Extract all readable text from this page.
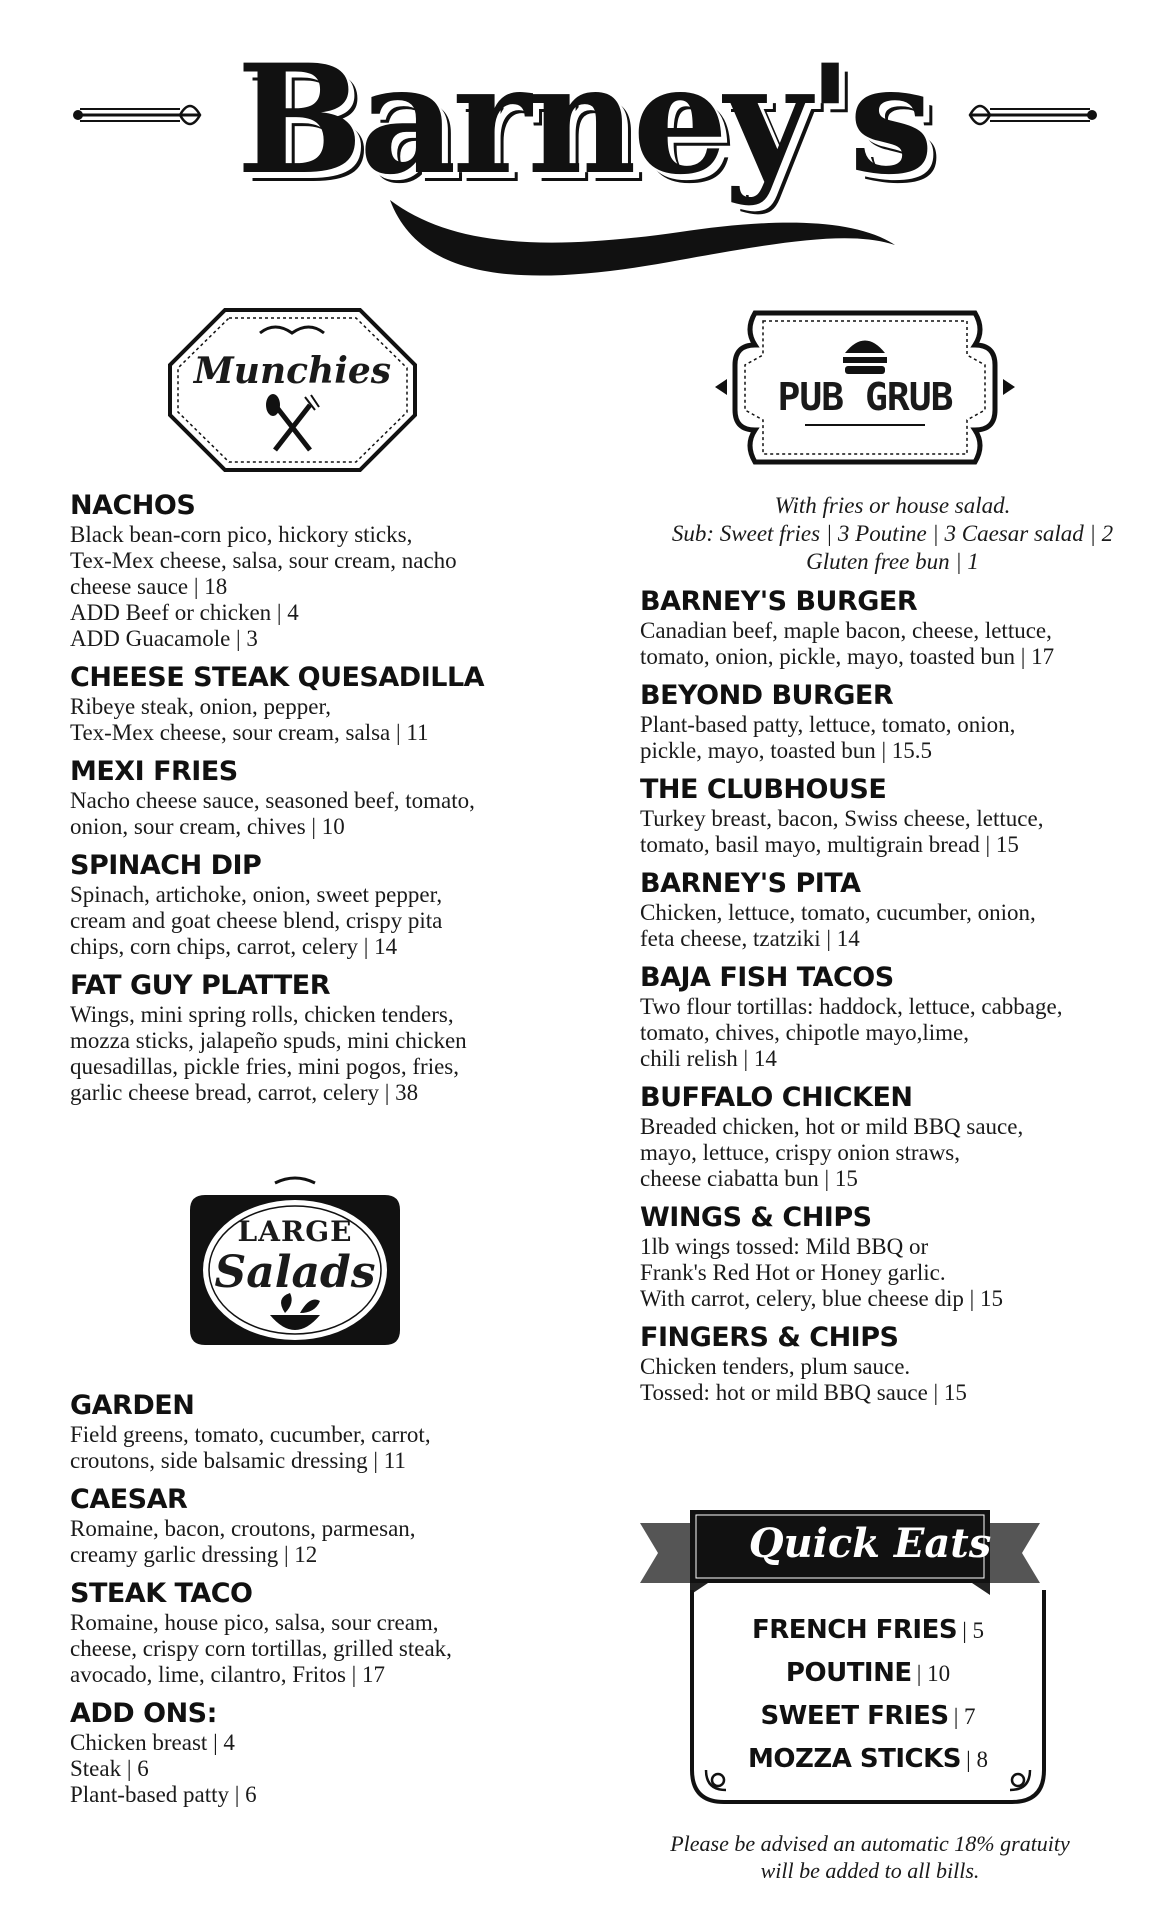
Barney's
Munchies
PUB GRUB

NACHOS

Black bean-corn pico, hickory sticks,
Tex-Mex cheese, salsa, sour cream, nacho
cheese sauce | 18
ADD Beef or chicken | 4
ADD Guacamole | 3

CHEESE STEAK QUESADILLA

Ribeye steak, onion, pepper,
Tex-Mex cheese, sour cream, salsa | 11

MEXI FRIES

Nacho cheese sauce, seasoned beef, tomato,
onion, sour cream, chives | 10

SPINACH DIP

Spinach, artichoke, onion, sweet pepper,
cream and goat cheese blend, crispy pita
chips, corn chips, carrot, celery | 14

FAT GUY PLATTER

Wings, mini spring rolls, chicken tenders,
mozza sticks, jalapeño spuds, mini chicken
quesadillas, pickle fries, mini pogos, fries,
garlic cheese bread, carrot, celery | 38

LARGE
Salads

GARDEN

Field greens, tomato, cucumber, carrot,
croutons, side balsamic dressing | 11

CAESAR

Romaine, bacon, croutons, parmesan,
creamy garlic dressing | 12

STEAK TACO

Romaine, house pico, salsa, sour cream,
cheese, crispy corn tortillas, grilled steak,
avocado, lime, cilantro, Fritos | 17

ADD ONS:

Chicken breast | 4
Steak | 6
Plant-based patty | 6

With fries or house salad.
Sub: Sweet fries | 3 Poutine | 3 Caesar salad | 2
Gluten free bun | 1

BARNEY'S BURGER

Canadian beef, maple bacon, cheese, lettuce,
tomato, onion, pickle, mayo, toasted bun | 17

BEYOND BURGER

Plant-based patty, lettuce, tomato, onion,
pickle, mayo, toasted bun | 15.5

THE CLUBHOUSE

Turkey breast, bacon, Swiss cheese, lettuce,
tomato, basil mayo, multigrain bread | 15

BARNEY'S PITA

Chicken, lettuce, tomato, cucumber, onion,
feta cheese, tzatziki | 14

BAJA FISH TACOS

Two flour tortillas: haddock, lettuce, cabbage,
tomato, chives, chipotle mayo,lime,
chili relish | 14

BUFFALO CHICKEN

Breaded chicken, hot or mild BBQ sauce,
mayo, lettuce, crispy onion straws,
cheese ciabatta bun | 15

WINGS & CHIPS

1lb wings tossed: Mild BBQ or
Frank's Red Hot or Honey garlic.
With carrot, celery, blue cheese dip | 15

FINGERS & CHIPS

Chicken tenders, plum sauce.
Tossed: hot or mild BBQ sauce | 15

Quick Eats

FRENCH FRIES | 5

POUTINE | 10

SWEET FRIES | 7

MOZZA STICKS | 8

Please be advised an automatic 18% gratuity
will be added to all bills.
